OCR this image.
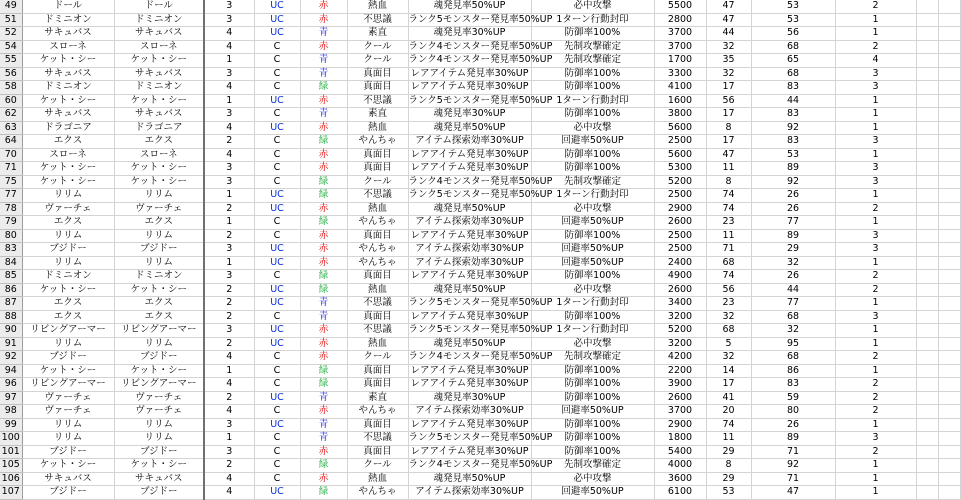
49	ドール	ドール	3	UC	赤	熱血	魂発見率50%UP	必中攻撃	5500	47	53	2		
51	ドミニオン	ドミニオン	3	UC	赤	不思議	ランク5モンスター発見率50%UP	1ターン行動封印	2800	47	53	1		
52	サキュバス	サキュバス	4	UC	青	素直	魂発見率30%UP	防御率100%	3700	44	56	1		
54	スローネ	スローネ	4	C	赤	クール	ランク4モンスター発見率50%UP	先制攻撃確定	3700	32	68	2		
55	ケット・シー	ケット・シー	1	C	青	クール	ランク4モンスター発見率50%UP	先制攻撃確定	1700	35	65	4		
56	サキュバス	サキュバス	3	C	青	真面目	レアアイテム発見率30%UP	防御率100%	3300	32	68	3		
58	ドミニオン	ドミニオン	4	C	緑	真面目	レアアイテム発見率30%UP	防御率100%	4100	17	83	3		
60	ケット・シー	ケット・シー	1	UC	赤	不思議	ランク5モンスター発見率50%UP	1ターン行動封印	1600	56	44	1		
62	サキュバス	サキュバス	3	C	青	素直	魂発見率30%UP	防御率100%	3800	17	83	1		
63	ドラゴニア	ドラゴニア	4	UC	赤	熱血	魂発見率50%UP	必中攻撃	5600	8	92	1		
64	エクス	エクス	2	C	緑	やんちゃ	アイテム探索効率30%UP	回避率50%UP	2500	17	83	3		
70	スローネ	スローネ	4	C	赤	真面目	レアアイテム発見率30%UP	防御率100%	5600	47	53	1		
71	ケット・シー	ケット・シー	3	C	赤	真面目	レアアイテム発見率30%UP	防御率100%	5300	11	89	3		
75	ケット・シー	ケット・シー	3	C	緑	クール	ランク4モンスター発見率50%UP	先制攻撃確定	5200	8	92	3		
77	リリム	リリム	1	UC	緑	不思議	ランク5モンスター発見率50%UP	1ターン行動封印	2500	74	26	1		
78	ヴァーチェ	ヴァーチェ	2	UC	赤	熱血	魂発見率50%UP	必中攻撃	2900	74	26	2		
79	エクス	エクス	1	C	緑	やんちゃ	アイテム探索効率30%UP	回避率50%UP	2600	23	77	1		
80	リリム	リリム	2	C	赤	真面目	レアアイテム発見率30%UP	防御率100%	2500	11	89	3		
83	ブジドー	ブジドー	3	UC	赤	やんちゃ	アイテム探索効率30%UP	回避率50%UP	2500	71	29	3		
84	リリム	リリム	1	UC	赤	やんちゃ	アイテム探索効率30%UP	回避率50%UP	2400	68	32	1		
85	ドミニオン	ドミニオン	3	C	緑	真面目	レアアイテム発見率30%UP	防御率100%	4900	74	26	2		
86	ケット・シー	ケット・シー	2	UC	緑	熱血	魂発見率50%UP	必中攻撃	2600	56	44	2		
87	エクス	エクス	2	UC	青	不思議	ランク5モンスター発見率50%UP	1ターン行動封印	3400	23	77	1		
88	エクス	エクス	2	C	青	真面目	レアアイテム発見率30%UP	防御率100%	3200	32	68	3		
90	リビングアーマー	リビングアーマー	3	UC	赤	不思議	ランク5モンスター発見率50%UP	1ターン行動封印	5200	68	32	1		
91	リリム	リリム	2	UC	赤	熱血	魂発見率50%UP	必中攻撃	3200	5	95	1		
92	ブジドー	ブジドー	4	C	赤	クール	ランク4モンスター発見率50%UP	先制攻撃確定	4200	32	68	2		
94	ケット・シー	ケット・シー	1	C	緑	真面目	レアアイテム発見率30%UP	防御率100%	2200	14	86	1		
96	リビングアーマー	リビングアーマー	4	C	緑	真面目	レアアイテム発見率30%UP	防御率100%	3900	17	83	2		
97	ヴァーチェ	ヴァーチェ	2	UC	青	素直	魂発見率30%UP	防御率100%	2600	41	59	2		
98	ヴァーチェ	ヴァーチェ	4	C	赤	やんちゃ	アイテム探索効率30%UP	回避率50%UP	3700	20	80	2		
99	リリム	リリム	3	UC	青	真面目	レアアイテム発見率30%UP	防御率100%	2900	74	26	1		
100	リリム	リリム	1	C	青	不思議	ランク5モンスター発見率50%UP	防御率100%	1800	11	89	3		
101	ブジドー	ブジドー	3	C	赤	真面目	レアアイテム発見率30%UP	防御率100%	5400	29	71	2		
105	ケット・シー	ケット・シー	2	C	緑	クール	ランク4モンスター発見率50%UP	先制攻撃確定	4000	8	92	1		
106	サキュバス	サキュバス	4	C	赤	熱血	魂発見率50%UP	必中攻撃	3600	29	71	1		
107	ブジドー	ブジドー	4	UC	緑	やんちゃ	アイテム探索効率30%UP	回避率50%UP	6100	53	47	1		
